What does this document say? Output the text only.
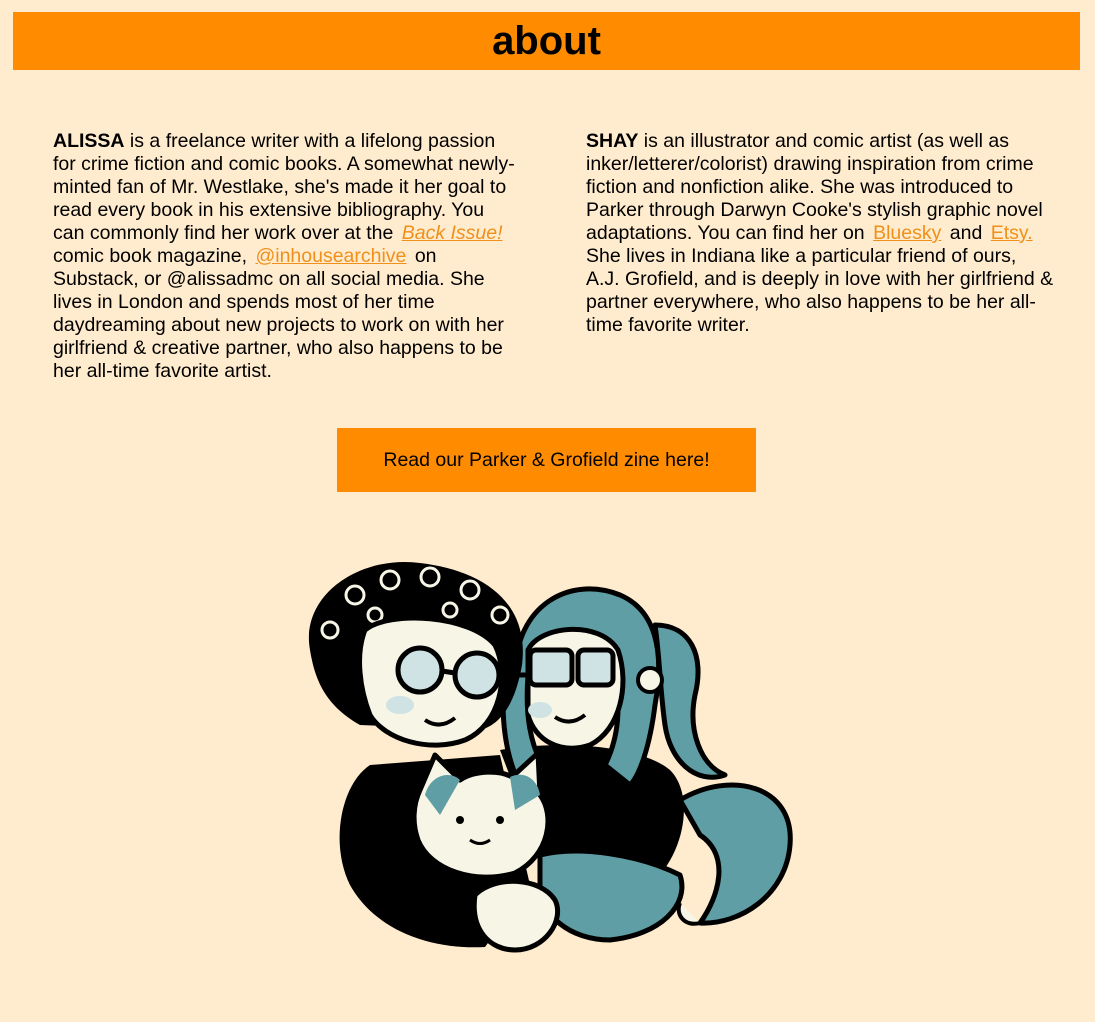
about

ALISSA is a freelance writer with a lifelong passion for crime fiction and comic books. A somewhat newly-minted fan of Mr. Westlake, she's made it her goal to read every book in his extensive bibliography. You can commonly find her work over at the Back Issue! comic book magazine, @inhousearchive on Substack, or @alissadmc on all social media. She lives in London and spends most of her time daydreaming about new projects to work on with her girlfriend & creative partner, who also happens to be her all-time favorite artist.

SHAY is an illustrator and comic artist (as well as inker/letterer/colorist) drawing inspiration from crime fiction and nonfiction alike. She was introduced to Parker through Darwyn Cooke's stylish graphic novel adaptations. You can find her on Bluesky and Etsy. She lives in Indiana like a particular friend of ours, A.J. Grofield, and is deeply in love with her girlfriend & partner everywhere, who also happens to be her all-time favorite writer.

Read our Parker & Grofield zine here!
